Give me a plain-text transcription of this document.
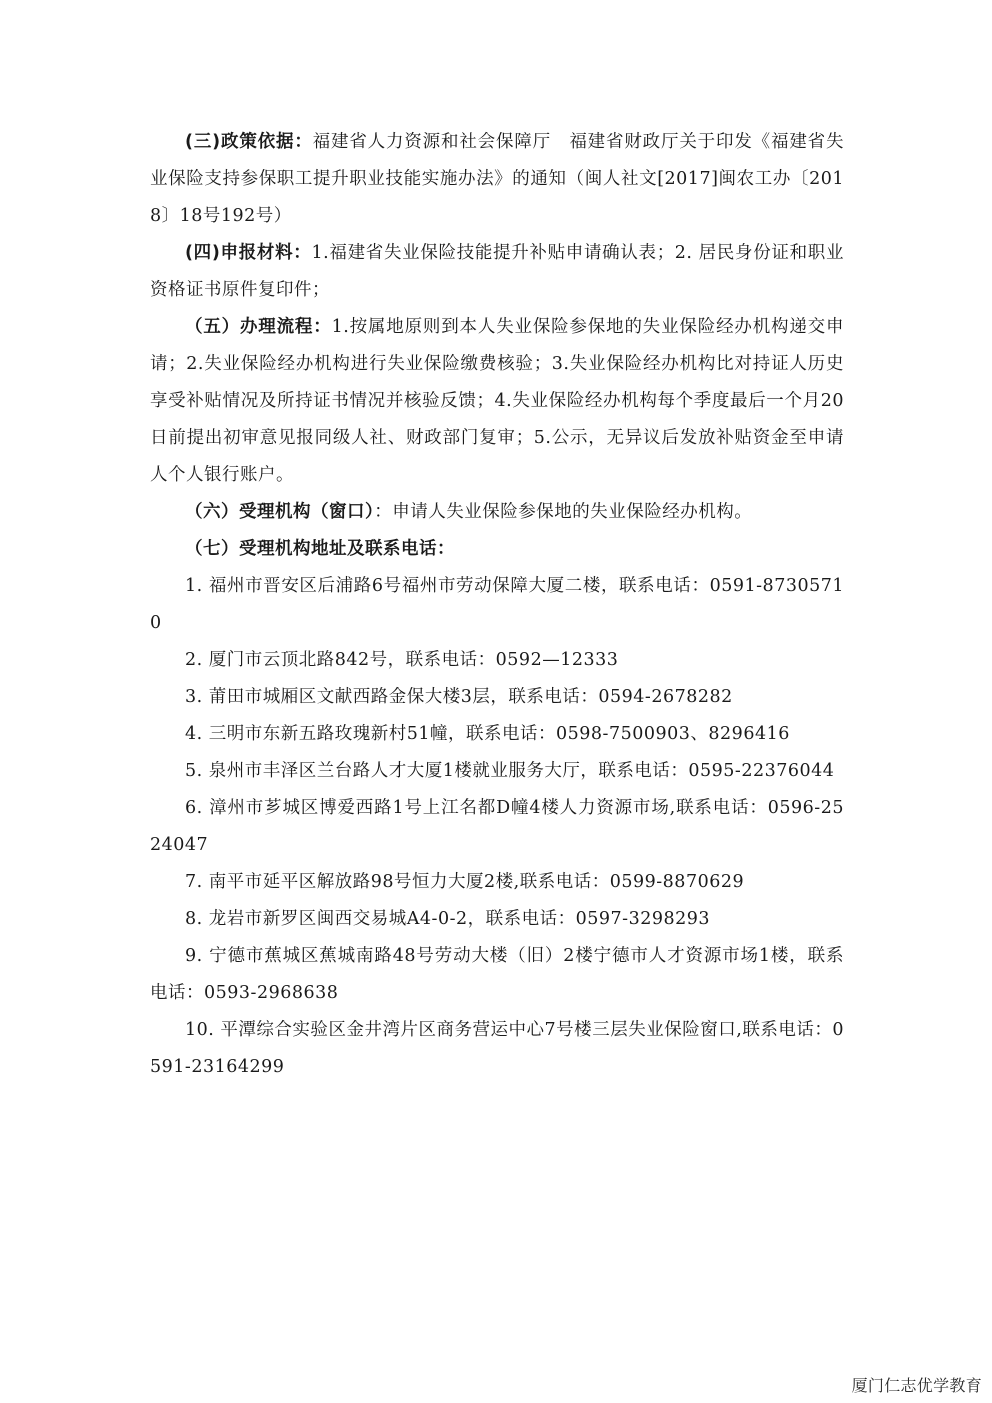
(三)政策依据：福建省人力资源和社会保障厅　福建省财政厅关于印发《福建省失业保险支持参保职工提升职业技能实施办法》的通知（闽人社文[2017]闽农工办〔2018〕18号192号）

(四)申报材料：1.福建省失业保险技能提升补贴申请确认表；2. 居民身份证和职业资格证书原件复印件；

（五）办理流程：1.按属地原则到本人失业保险参保地的失业保险经办机构递交申请；2.失业保险经办机构进行失业保险缴费核验；3.失业保险经办机构比对持证人历史享受补贴情况及所持证书情况并核验反馈；4.失业保险经办机构每个季度最后一个月20日前提出初审意见报同级人社、财政部门复审；5.公示，无异议后发放补贴资金至申请人个人银行账户。

（六）受理机构（窗口）：申请人失业保险参保地的失业保险经办机构。

（七）受理机构地址及联系电话：

1. 福州市晋安区后浦路6号福州市劳动保障大厦二楼，联系电话：0591-87305710

2. 厦门市云顶北路842号，联系电话：0592—12333

3. 莆田市城厢区文献西路金保大楼3层，联系电话：0594-2678282

4. 三明市东新五路玫瑰新村51幢，联系电话：0598-7500903、8296416

5. 泉州市丰泽区兰台路人才大厦1楼就业服务大厅，联系电话：0595-22376044

6. 漳州市芗城区博爱西路1号上江名都D幢4楼人力资源市场,联系电话：0596-2524047

7. 南平市延平区解放路98号恒力大厦2楼,联系电话：0599-8870629

8. 龙岩市新罗区闽西交易城A4-0-2，联系电话：0597-3298293

9. 宁德市蕉城区蕉城南路48号劳动大楼（旧）2楼宁德市人才资源市场1楼，联系电话：0593-2968638

10. 平潭综合实验区金井湾片区商务营运中心7号楼三层失业保险窗口,联系电话：0591-23164299

厦门仁志优学教育
